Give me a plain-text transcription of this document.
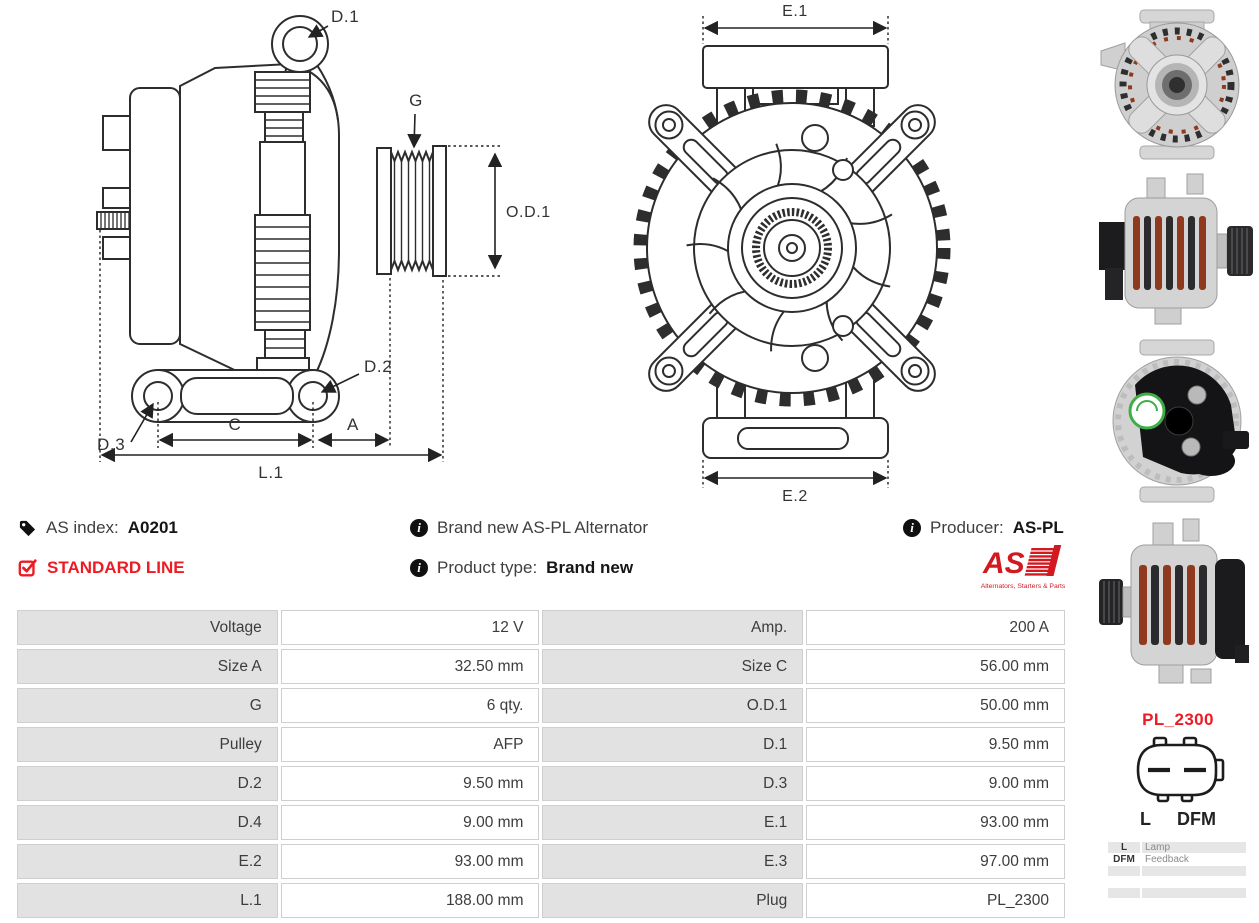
D.1
G
O.D.1
D.2
D.3
C	A
L.1
E.1
E.2
AS index: A0201
STANDARD LINE
i
Brand new AS-PL Alternator
i
Product type: Brand new
i
Producer: AS-PL
AS
Alternators, Starters & Parts
Voltage	12 V	Amp.	200 A
Size A	32.50 mm	Size C	56.00 mm
G	6 qty.	O.D.1	50.00 mm
Pulley	AFP	D.1	9.50 mm
D.2	9.50 mm	D.3	9.00 mm
D.4	9.00 mm	E.1	93.00 mm
E.2	93.00 mm	E.3	97.00 mm
L.1	188.00 mm	Plug	PL_2300
PL_2300
L DFM
L	Lamp
DFM	Feedback
